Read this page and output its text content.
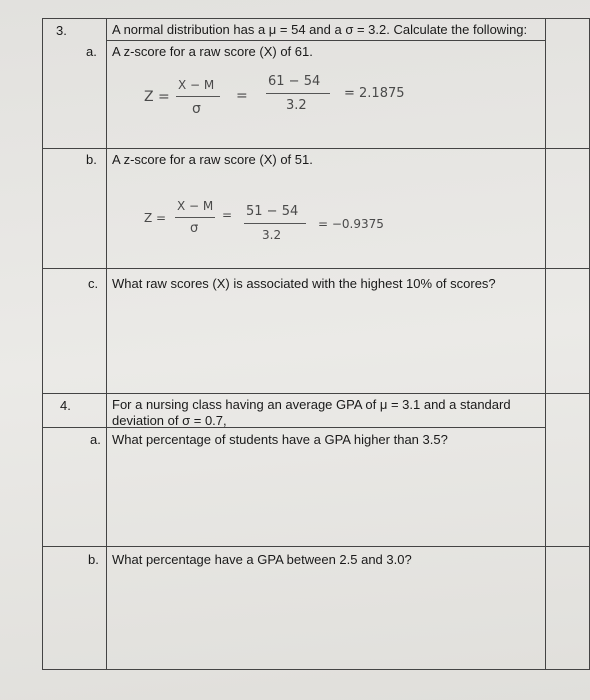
3.	A normal distribution has a μ = 54 and a σ = 3.2. Calculate the following:
a. A z-score for a raw score (X) of 61.
Z =
X − M
σ
=
61 − 54
3.2
= 2.1875
b. A z-score for a raw score (X) of 51.
Z =
X − M
σ
= 51 − 54
3.2
= −0.9375
c. What raw scores (X) is associated with the highest 10% of scores?
4.	For a nursing class having an average GPA of μ = 3.1 and a standard
deviation of σ = 0.7,
a. What percentage of students have a GPA higher than 3.5?
b. What percentage have a GPA between 2.5 and 3.0?
